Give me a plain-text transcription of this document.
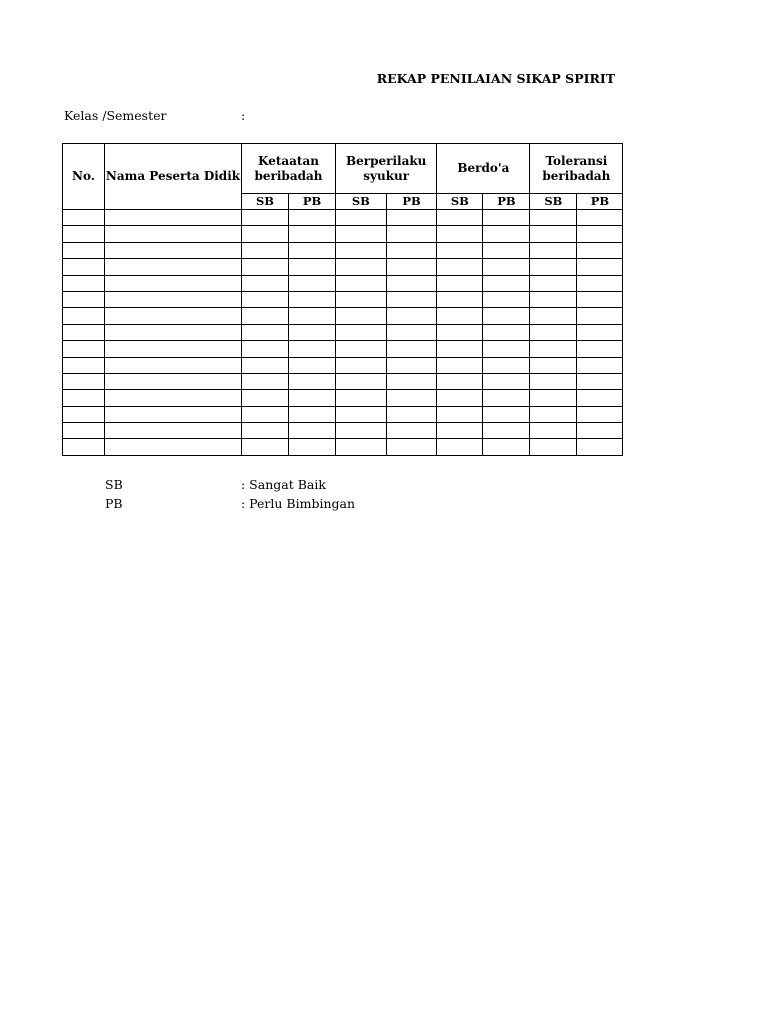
REKAP PENILAIAN SIKAP SPIRIT
Kelas /Semester	:
No.	Nama Peserta Didik	Ketaatan beribadah		Berperilaku syukur		Berdo'a		Toleransi beribadah	
		SB	PB	SB	PB	SB	PB	SB	PB

SB	: Sangat Baik
PB	: Perlu Bimbingan
